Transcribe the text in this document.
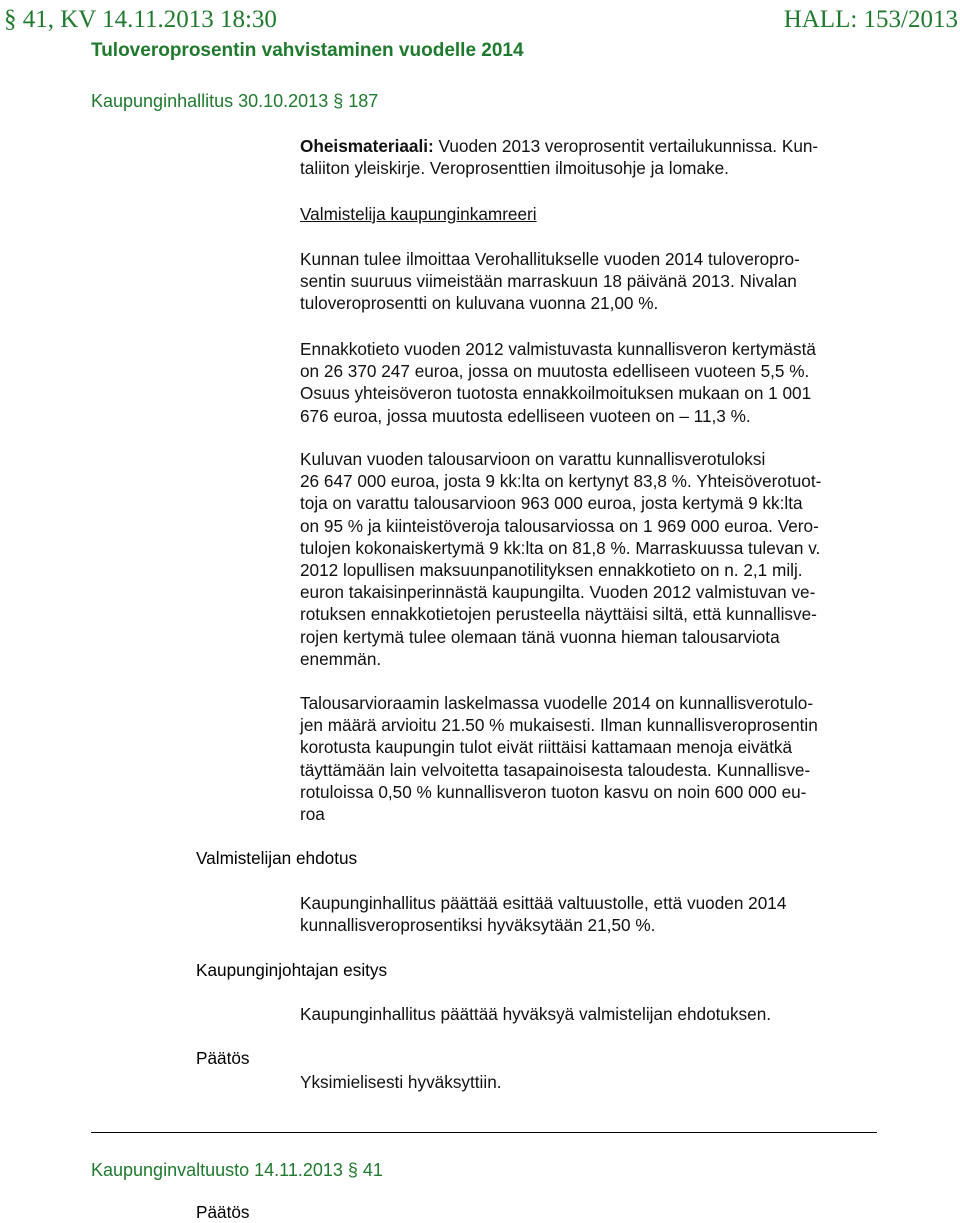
§ 41, KV 14.11.2013 18:30	HALL: 153/2013
Tuloveroprosentin vahvistaminen vuodelle 2014
Kaupunginhallitus 30.10.2013 § 187
Oheismateriaali: Vuoden 2013 veroprosentit vertailukunnissa. Kun-
taliiton yleiskirje. Veroprosenttien ilmoitusohje ja lomake.
Valmistelija kaupunginkamreeri
Kunnan tulee ilmoittaa Verohallitukselle vuoden 2014 tuloveropro-
sentin suuruus viimeistään marraskuun 18 päivänä 2013. Nivalan
tuloveroprosentti on kuluvana vuonna 21,00 %.
Ennakkotieto vuoden 2012 valmistuvasta kunnallisveron kertymästä
on 26 370 247 euroa, jossa on muutosta edelliseen vuoteen 5,5 %.
Osuus yhteisöveron tuotosta ennakkoilmoituksen mukaan on 1 001
676 euroa, jossa muutosta edelliseen vuoteen on – 11,3 %.
Kuluvan vuoden talousarvioon on varattu kunnallisverotuloksi
26 647 000 euroa, josta 9 kk:lta on kertynyt 83,8 %. Yhteisöverotuot-
toja on varattu talousarvioon 963 000 euroa, josta kertymä 9 kk:lta
on 95 % ja kiinteistöveroja talousarviossa on 1 969 000 euroa. Vero-
tulojen kokonaiskertymä 9 kk:lta on 81,8 %. Marraskuussa tulevan v.
2012 lopullisen maksuunpanotilityksen ennakkotieto on n. 2,1 milj.
euron takaisinperinnästä kaupungilta. Vuoden 2012 valmistuvan ve-
rotuksen ennakkotietojen perusteella näyttäisi siltä, että kunnallisve-
rojen kertymä tulee olemaan tänä vuonna hieman talousarviota
enemmän.
Talousarvioraamin laskelmassa vuodelle 2014 on kunnallisverotulo-
jen määrä arvioitu 21.50 % mukaisesti. Ilman kunnallisveroprosentin
korotusta kaupungin tulot eivät riittäisi kattamaan menoja eivätkä
täyttämään lain velvoitetta tasapainoisesta taloudesta. Kunnallisve-
rotuloissa 0,50 % kunnallisveron tuoton kasvu on noin 600 000 eu-
roa
Valmistelijan ehdotus
Kaupunginjohtajan esitys
Päätös
Kaupunginhallitus päättää esittää valtuustolle, että vuoden 2014
kunnallisveroprosentiksi hyväksytään 21,50 %.
Kaupunginhallitus päättää hyväksyä valmistelijan ehdotuksen.
Yksimielisesti hyväksyttiin.
Kaupunginvaltuusto 14.11.2013 § 41
Päätös
